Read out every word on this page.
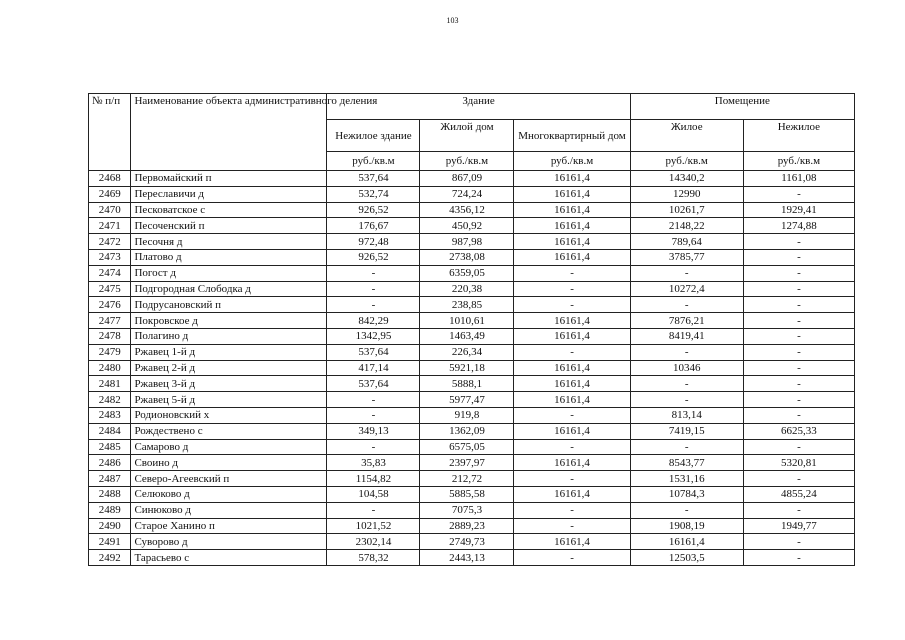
103
№ п/п	Наименование объекта административного деления	Здание			Помещение	
		Нежилое здание	Жилой дом	Многоквартирный дом	Жилое	Нежилое
		руб./кв.м	руб./кв.м	руб./кв.м	руб./кв.м	руб./кв.м
2468	Первомайский п	537,64	867,09	16161,4	14340,2	1161,08
2469	Переславичи д	532,74	724,24	16161,4	12990	-
2470	Песковатское с	926,52	4356,12	16161,4	10261,7	1929,41
2471	Песоченский п	176,67	450,92	16161,4	2148,22	1274,88
2472	Песочня д	972,48	987,98	16161,4	789,64	-
2473	Платово д	926,52	2738,08	16161,4	3785,77	-
2474	Погост д	-	6359,05	-	-	-
2475	Подгородная Слободка д	-	220,38	-	10272,4	-
2476	Подрусановский п	-	238,85	-	-	-
2477	Покровское д	842,29	1010,61	16161,4	7876,21	-
2478	Полагино д	1342,95	1463,49	16161,4	8419,41	-
2479	Ржавец 1-й д	537,64	226,34	-	-	-
2480	Ржавец 2-й д	417,14	5921,18	16161,4	10346	-
2481	Ржавец 3-й д	537,64	5888,1	16161,4	-	-
2482	Ржавец 5-й д	-	5977,47	16161,4	-	-
2483	Родионовский х	-	919,8	-	813,14	-
2484	Рождествено с	349,13	1362,09	16161,4	7419,15	6625,33
2485	Самарово д	-	6575,05	-	-	-
2486	Своино д	35,83	2397,97	16161,4	8543,77	5320,81
2487	Северо-Агеевский п	1154,82	212,72	-	1531,16	-
2488	Селюково д	104,58	5885,58	16161,4	10784,3	4855,24
2489	Синюково д	-	7075,3	-	-	-
2490	Старое Ханино п	1021,52	2889,23	-	1908,19	1949,77
2491	Суворово д	2302,14	2749,73	16161,4	16161,4	-
2492	Тарасьево с	578,32	2443,13	-	12503,5	-
